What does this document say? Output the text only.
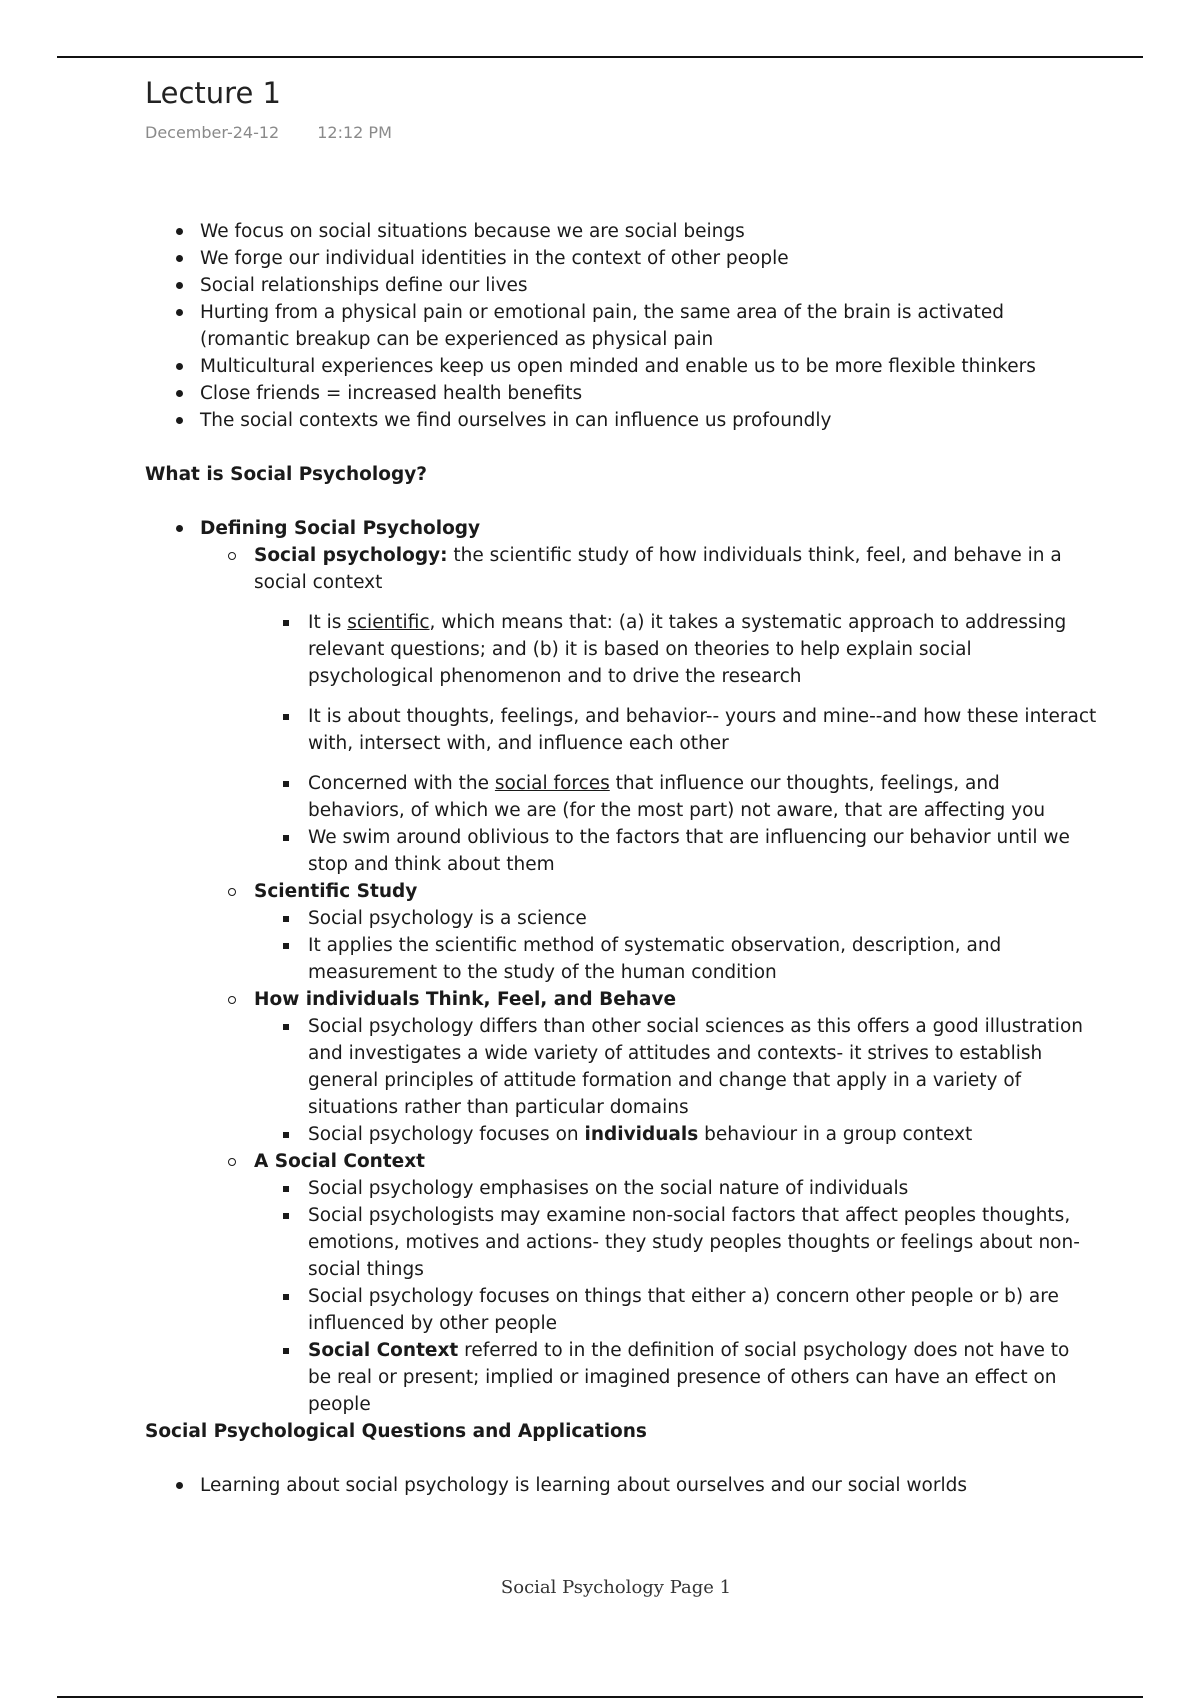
Lecture 1
December-24-12 12:12 PM
We focus on social situations because we are social beings
We forge our individual identities in the context of other people
Social relationships define our lives
Hurting from a physical pain or emotional pain, the same area of the brain is activated (romantic breakup can be experienced as physical pain
Multicultural experiences keep us open minded and enable us to be more flexible thinkers
Close friends = increased health benefits
The social contexts we find ourselves in can influence us profoundly
What is Social Psychology?
Defining Social Psychology
Social psychology: the scientific study of how individuals think, feel, and behave in a social context
It is scientific, which means that: (a) it takes a systematic approach to addressing relevant questions; and (b) it is based on theories to help explain social psychological phenomenon and to drive the research
It is about thoughts, feelings, and behavior-- yours and mine--and how these interact with, intersect with, and influence each other
Concerned with the social forces that influence our thoughts, feelings, and behaviors, of which we are (for the most part) not aware, that are affecting you
We swim around oblivious to the factors that are influencing our behavior until we stop and think about them
Scientific Study
Social psychology is a science
It applies the scientific method of systematic observation, description, and measurement to the study of the human condition
How individuals Think, Feel, and Behave
Social psychology differs than other social sciences as this offers a good illustration and investigates a wide variety of attitudes and contexts- it strives to establish general principles of attitude formation and change that apply in a variety of situations rather than particular domains
Social psychology focuses on individuals behaviour in a group context
A Social Context
Social psychology emphasises on the social nature of individuals
Social psychologists may examine non-social factors that affect peoples thoughts, emotions, motives and actions- they study peoples thoughts or feelings about non-social things
Social psychology focuses on things that either a) concern other people or b) are influenced by other people
Social Context referred to in the definition of social psychology does not have to be real or present; implied or imagined presence of others can have an effect on people
Social Psychological Questions and Applications
Learning about social psychology is learning about ourselves and our social worlds
Social Psychology Page 1
